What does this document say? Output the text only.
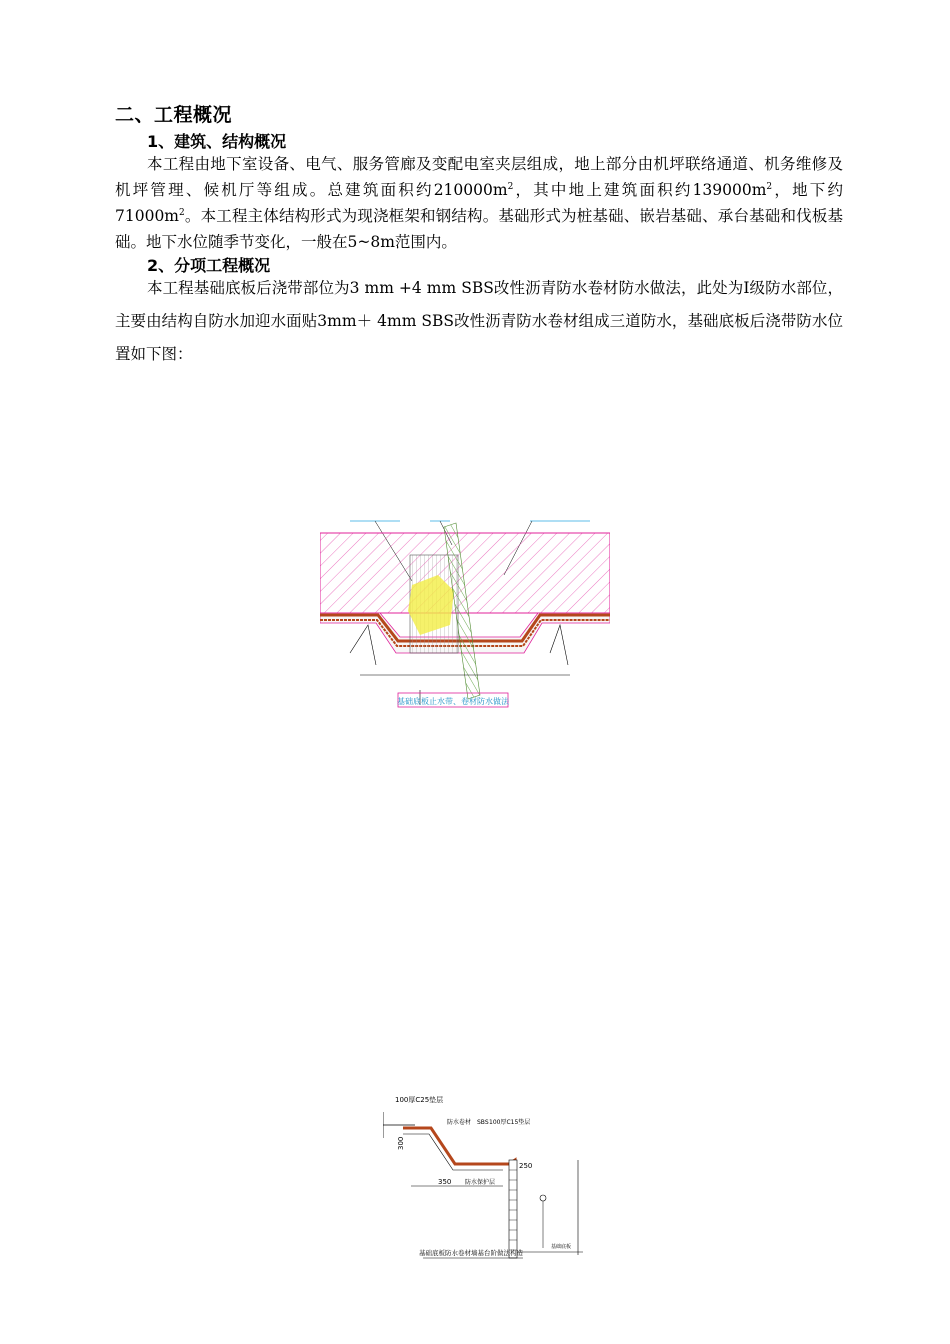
二、工程概况
1、建筑、结构概况
本工程由地下室设备、电气、服务管廊及变配电室夹层组成，地上部分由机坪联络通道、机务维修及机坪管理、候机厅等组成。总建筑面积约$210000m^2$，其中地上建筑面积约$139000m^2$，地下约$71000m^2$。本工程主体结构形式为现浇框架和钢结构。基础形式为桩基础、嵌岩基础、承台基础和伐板基础。地下水位随季节变化，一般在5~8m范围内。
2、分项工程概况
本工程基础底板后浇带部位为3 mm +4 mm SBS改性沥青防水卷材防水做法，此处为Ⅰ级防水部位，主要由结构自防水加迎水面贴3mm＋ 4mm SBS改性沥青防水卷材组成三道防水，基础底板后浇带防水位置如下图：
基础底板止水带、卷材防水做法
100厚C25垫层
防水卷材 SBS 100厚C15垫层
300
250
350 防水保护层
基础底板
基础底板防水卷材墙基台阶做法构造
